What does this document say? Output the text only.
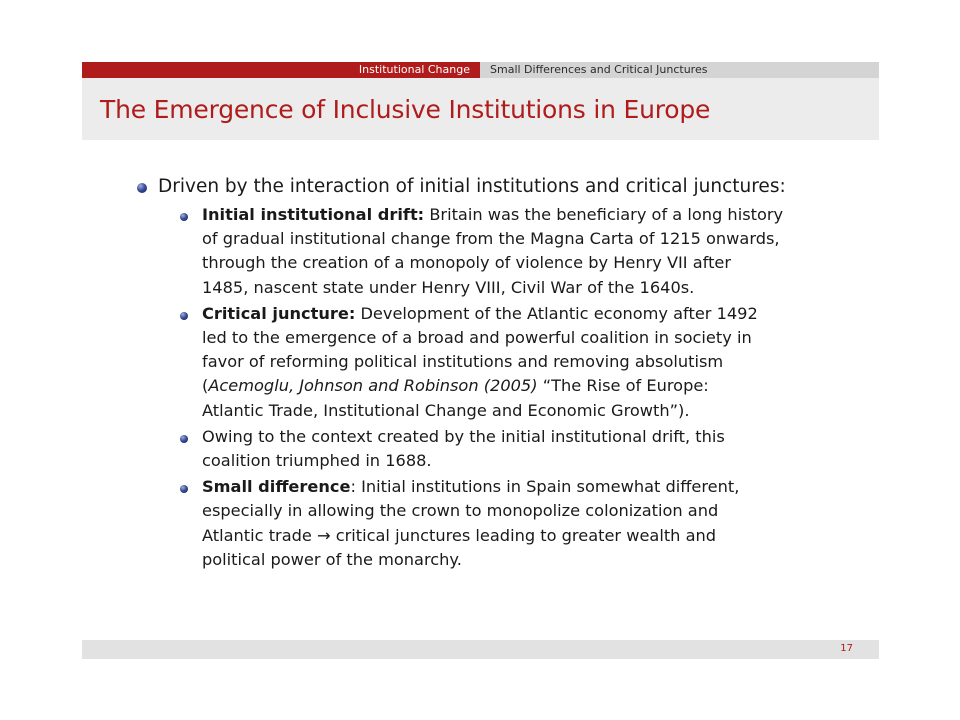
Institutional Change	Small Differences and Critical Junctures
The Emergence of Inclusive Institutions in Europe
Driven by the interaction of initial institutions and critical junctures:
Initial institutional drift: Britain was the beneficiary of a long history
of gradual institutional change from the Magna Carta of 1215 onwards,
through the creation of a monopoly of violence by Henry VII after
1485, nascent state under Henry VIII, Civil War of the 1640s.
Critical juncture: Development of the Atlantic economy after 1492
led to the emergence of a broad and powerful coalition in society in
favor of reforming political institutions and removing absolutism
(Acemoglu, Johnson and Robinson (2005) “The Rise of Europe:
Atlantic Trade, Institutional Change and Economic Growth”).
Owing to the context created by the initial institutional drift, this
coalition triumphed in 1688.
Small difference: Initial institutions in Spain somewhat different,
especially in allowing the crown to monopolize colonization and
Atlantic trade → critical junctures leading to greater wealth and
political power of the monarchy.
17
